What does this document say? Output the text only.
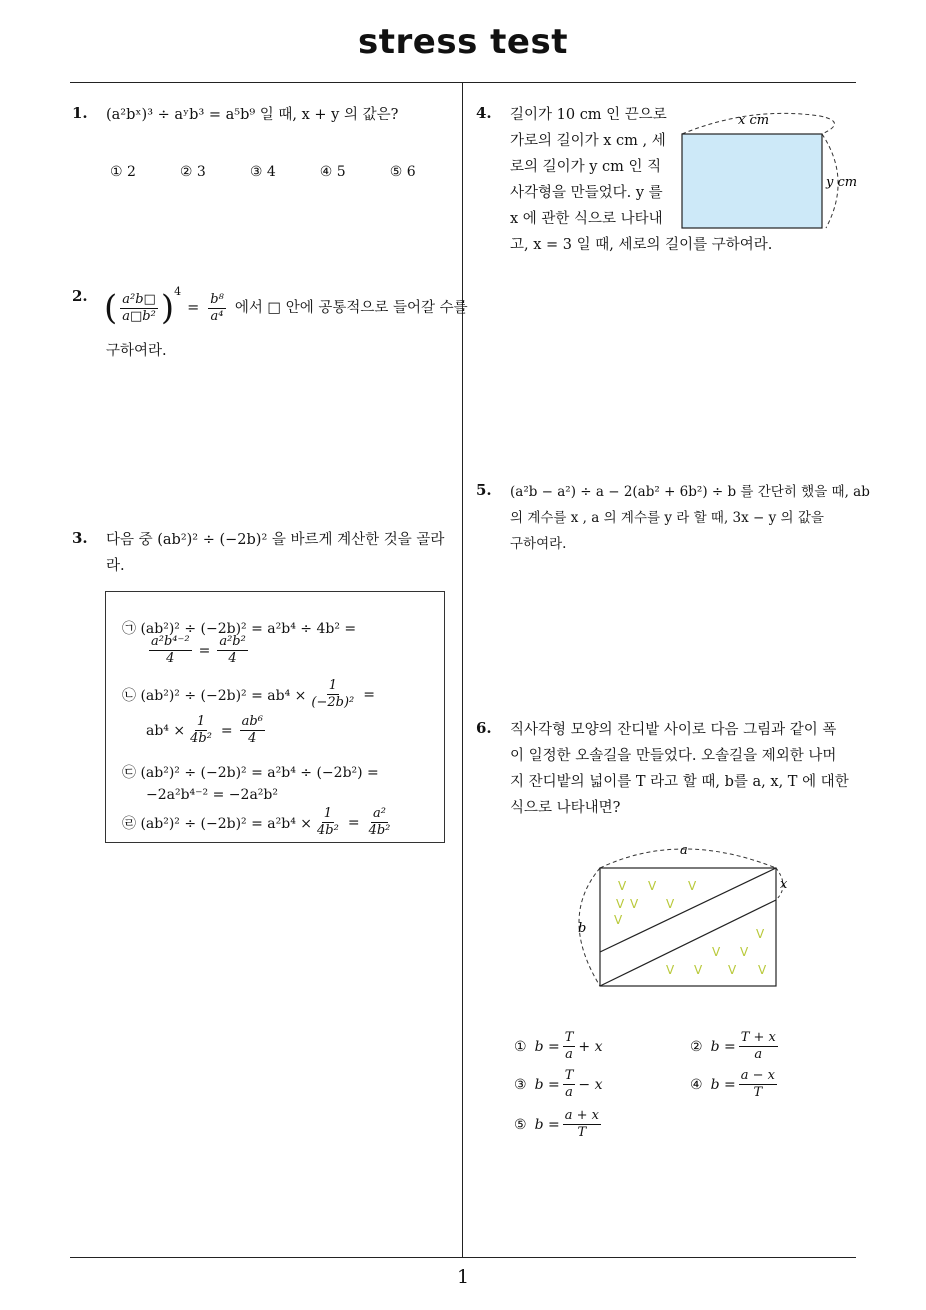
stress test
1
1. (a²bˣ)³ ÷ aʸb³ = a⁵b⁹ 일 때, x + y 의 값은?
① 2	② 3	③ 4	④ 5	⑤ 6
2. ( $\frac{\text{a²b□}}{\text{a□b²}} )^4$
= $\frac{\text{b⁸}}{\text{a⁴}}$ 에서 □ 안에 공통적으로 들어갈 수를
구하여라.
3. 다음 중 (ab²)² ÷ (−2b)² 을 바르게 계산한 것을 골라
라.
㉠ (ab²)² ÷ (−2b)² = a²b⁴ ÷ 4b² =
$\frac{\text{a²b⁴⁻²}}{4} = \frac{\text{a²b²}}{4}$
㉡ $(ab^2)^2 \div (-2b)^2 = ab^4 \times \frac{1}{\text{(−2b)²}}$ =
$ab^4 \times \frac{1}{\text{4b²}} = \frac{\text{ab⁶}}{4}$
㉢ (ab²)² ÷ (−2b)² = a²b⁴ ÷ (−2b²) =
−2a²b⁴⁻² = −2a²b²
㉣ $(ab^2)^2 \div (-2b)^2 = a^2b^4 \times \frac{1}{\text{4b²}} = \frac{\text{a²}}{\text{4b²}}$
4. 길이가 10 cm 인 끈으로
가로의 길이가 x cm , 세
로의 길이가 y cm 인 직
사각형을 만들었다. y 를
x 에 관한 식으로 나타내
고, x = 3 일 때, 세로의 길이를 구하여라.
x cm
y cm
5. (a²b − a²) ÷ a − 2(ab² + 6b²) ÷ b 를 간단히 했을 때, ab
의 계수를 x , a 의 계수를 y 라 할 때, 3x − y 의 값을
구하여라.
6. 직사각형 모양의 잔디밭 사이로 다음 그림과 같이 폭
이 일정한 오솔길을 만들었다. 오솔길을 제외한 나머
지 잔디밭의 넓이를 T 라고 할 때, b를 a, x, T 에 대한
식으로 나타내면?
a
b
x
V V	V
V	V
V
V
V
V V
V V V V
① $b = \frac{T}{a} + x$	② $b = \frac{T + x}{a}$
③ $b = \frac{T}{a} - x$	④ $b = \frac{a - x}{T}$
⑤ $b = \frac{a + x}{T}$
